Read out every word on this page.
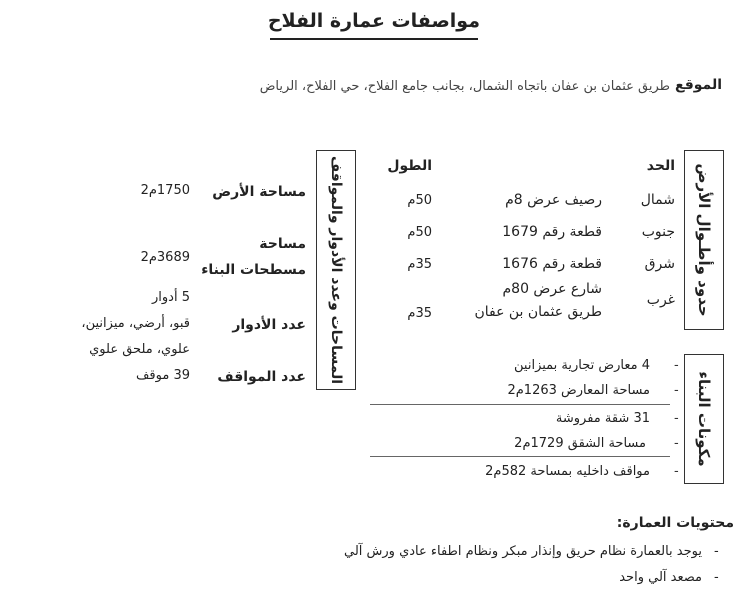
مواصفات عمارة الفلاح
الموقع
طريق عثمان بن عفان باتجاه الشمال، بجانب جامع الفلاح، حي الفلاح، الرياض
حدود وأطـوال الأرض
الحد
الطول
شمال
رصيف عرض 8م
50م
جنوب
قطعة رقم 1679
50م
شرق
قطعة رقم 1676
35م
غرب
شارع عرض 80م
طريق عثمان بن عفان
35م
المساحات وعدد الأدوار والمواقف
مساحة الأرض
1750م2
مساحة
مسطحات البناء
3689م2
عدد الأدوار
5 أدوار
قبو، أرضي، ميزانين،
علوي، ملحق علوي
عدد المواقف
39 موقف	مكونات البناء
-
4 معارض تجارية بميزانين
-
مساحة المعارض 1263م2
-
31 شقة مفروشة
-
مساحة الشقق 1729م2
-
مواقف داخليه بمساحة 582م2
محتويات العمارة:
-
يوجد بالعمارة نظام حريق وإنذار مبكر ونظام اطفاء عادي ورش آلي
-
مصعد آلي واحد
